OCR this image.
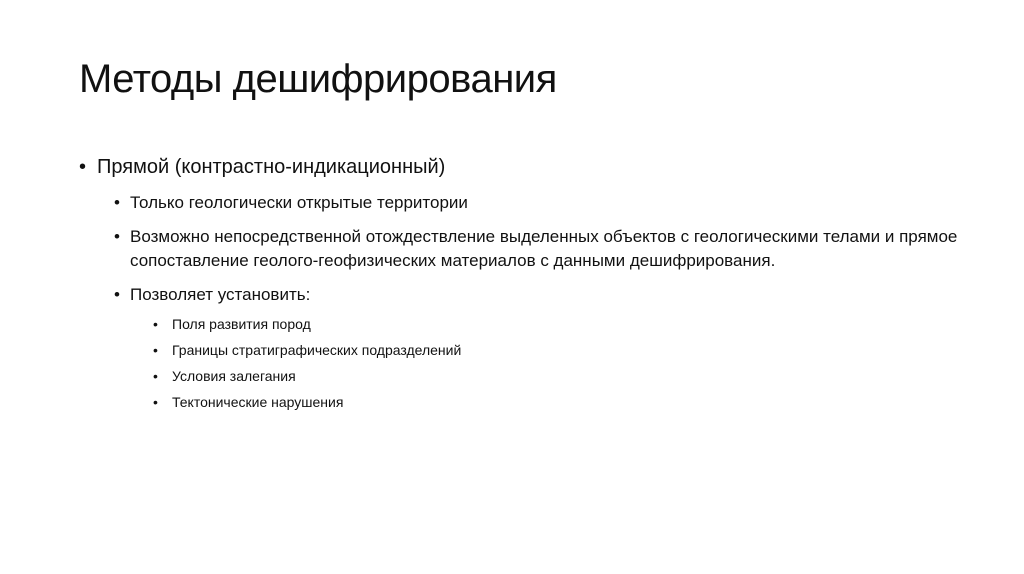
Методы дешифрирования
• Прямой (контрастно-индикационный)
• Только геологически открытые территории
• Возможно непосредственной отождествление выделенных объектов с геологическими телами и прямое сопоставление геолого-геофизических материалов с данными дешифрирования.
• Позволяет установить:
• Поля развития пород
• Границы стратиграфических подразделений
• Условия залегания
• Тектонические нарушения
